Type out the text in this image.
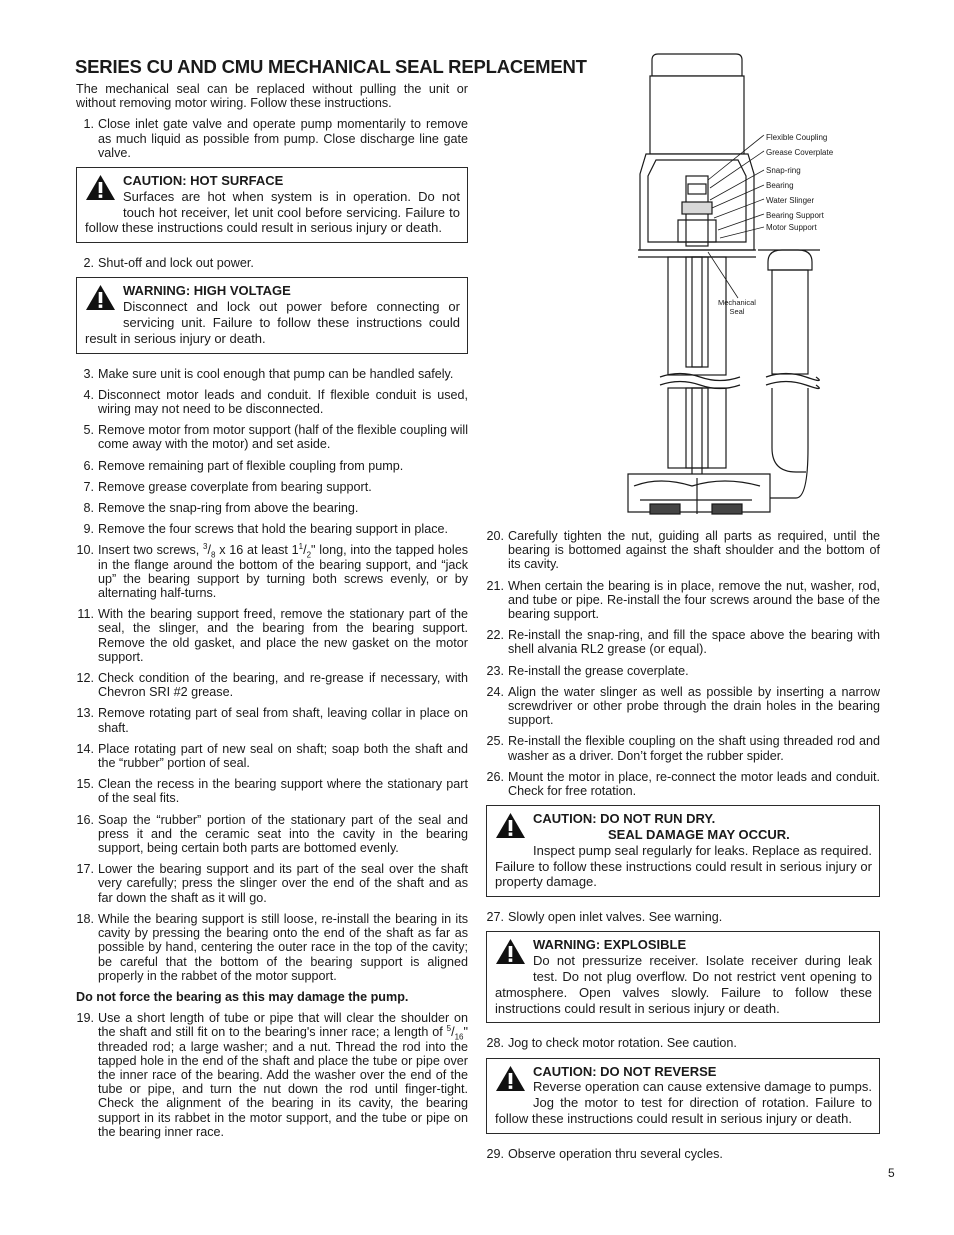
SERIES CU AND CMU MECHANICAL SEAL REPLACEMENT

The mechanical seal can be replaced without pulling the unit or without removing motor wiring. Follow these instructions.

1. Close inlet gate valve and operate pump momentarily to remove as much liquid as possible from pump. Close discharge line gate valve.
CAUTION: HOT SURFACE
Surfaces are hot when system is in operation. Do not touch hot receiver, let unit cool before servicing. Failure to follow these instructions could result in serious injury or death.
2. Shut-off and lock out power.
WARNING: HIGH VOLTAGE
Disconnect and lock out power before connecting or servicing unit. Failure to follow these instructions could result in serious injury or death.
3. Make sure unit is cool enough that pump can be handled safely.
4. Disconnect motor leads and conduit. If flexible conduit is used, wiring may not need to be disconnected.
5. Remove motor from motor support (half of the flexible coupling will come away with the motor) and set aside.
6. Remove remaining part of flexible coupling from pump.
7. Remove grease coverplate from bearing support.
8. Remove the snap-ring from above the bearing.
9. Remove the four screws that hold the bearing support in place.
10. Insert two screws, $^3/_8$ x 16 at least $1^1/_2$" long, into the tapped holes in the flange around the bottom of the bearing support, and “jack up” the bearing support by turning both screws evenly, or by alternating half-turns.
11. With the bearing support freed, remove the stationary part of the seal, the slinger, and the bearing from the bearing support. Remove the old gasket, and place the new gasket on the motor support.
12. Check condition of the bearing, and re-grease if necessary, with Chevron SRI #2 grease.
13. Remove rotating part of seal from shaft, leaving collar in place on shaft.
14. Place rotating part of new seal on shaft; soap both the shaft and the “rubber” portion of seal.
15. Clean the recess in the bearing support where the stationary part of the seal fits.
16. Soap the “rubber” portion of the stationary part of the seal and press it and the ceramic seat into the cavity in the bearing support, being certain both parts are bottomed evenly.
17. Lower the bearing support and its part of the seal over the shaft very carefully; press the slinger over the end of the shaft and as far down the shaft as it will go.
18. While the bearing support is still loose, re-install the bearing in its cavity by pressing the bearing onto the end of the shaft as far as possible by hand, centering the outer race in the top of the cavity; be careful that the bottom of the bearing support is aligned properly in the rabbet of the motor support.

Do not force the bearing as this may damage the pump.

19. Use a short length of tube or pipe that will clear the shoulder on the shaft and still fit on to the bearing's inner race; a length of $^5/_{16}$" threaded rod; a large washer; and a nut. Thread the rod into the tapped hole in the end of the shaft and place the tube or pipe over the inner race of the bearing. Add the washer over the end of the tube or pipe, and turn the nut down the rod until finger-tight. Check the alignment of the bearing in its cavity, the bearing support in its rabbet in the motor support, and the tube or pipe on the bearing inner race.
Flexible Coupling
Grease Coverplate
Snap-ring
Bearing
Water Slinger
Bearing Support
Motor Support
Mechanical
Seal
20. Carefully tighten the nut, guiding all parts as required, until the bearing is bottomed against the shaft shoulder and the bottom of its cavity.
21. When certain the bearing is in place, remove the nut, washer, rod, and tube or pipe. Re-install the four screws around the base of the bearing support.
22. Re-install the snap-ring, and fill the space above the bearing with shell alvania RL2 grease (or equal).
23. Re-install the grease coverplate.
24. Align the water slinger as well as possible by inserting a narrow screwdriver or other probe through the drain holes in the bearing support.
25. Re-install the flexible coupling on the shaft using threaded rod and washer as a driver. Don’t forget the rubber spider.
26. Mount the motor in place, re-connect the motor leads and conduit. Check for free rotation.
CAUTION: DO NOT RUN DRY.
SEAL DAMAGE MAY OCCUR.
Inspect pump seal regularly for leaks. Replace as required. Failure to follow these instructions could result in serious injury or property damage.
27. Slowly open inlet valves. See warning.
WARNING: EXPLOSIBLE
Do not pressurize receiver. Isolate receiver during leak test. Do not plug overflow. Do not restrict vent opening to atmosphere. Open valves slowly. Failure to follow these instructions could result in serious injury or death.
28. Jog to check motor rotation. See caution.
CAUTION: DO NOT REVERSE
Reverse operation can cause extensive damage to pumps. Jog the motor to test for direction of rotation. Failure to follow these instructions could result in serious injury or death.
29. Observe operation thru several cycles.
5
